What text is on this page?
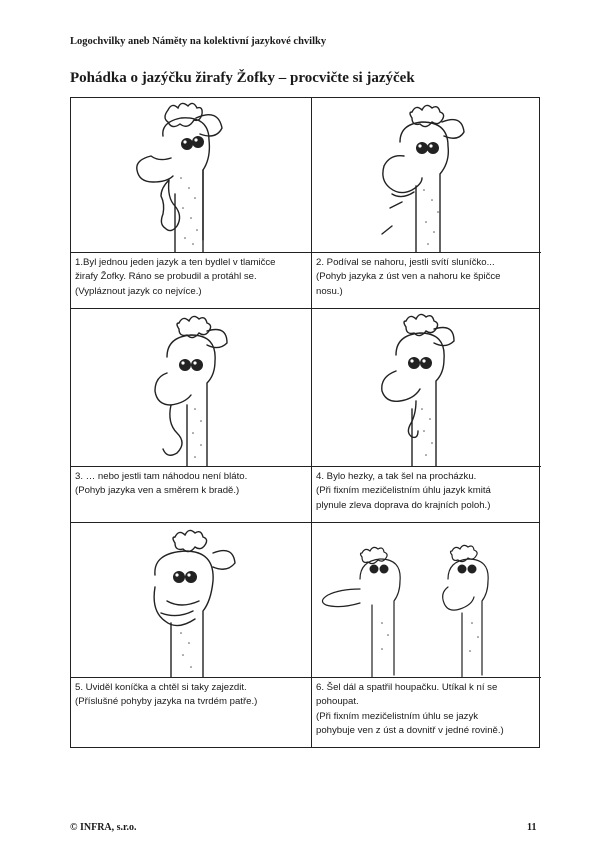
Logochvilky aneb Náměty na kolektivní jazykové chvilky
Pohádka o jazýčku žirafy Žofky – procvičte si jazýček
1.Byl jednou jeden jazyk a ten bydlel v tlamičce
žirafy Žofky. Ráno se probudil a protáhl se.
(Vypláznout jazyk co nejvíce.)
2. Podíval se nahoru, jestli svítí sluníčko...
(Pohyb jazyka z úst ven a nahoru ke špičce
nosu.)
3. … nebo jestli tam náhodou není bláto.
(Pohyb jazyka ven a směrem k bradě.)
4. Bylo hezky, a tak šel na procházku.
(Při fixním mezičelistním úhlu jazyk kmitá
plynule zleva doprava do krajních poloh.)
5. Uviděl koníčka a chtěl si taky zajezdit.
(Příslušné pohyby jazyka na tvrdém patře.)
6. Šel dál a spatřil houpačku. Utíkal k ní se
pohoupat.
(Při fixním mezičelistním úhlu se jazyk
pohybuje ven z úst a dovnitř v jedné rovině.)
© INFRA, s.r.o.	11
